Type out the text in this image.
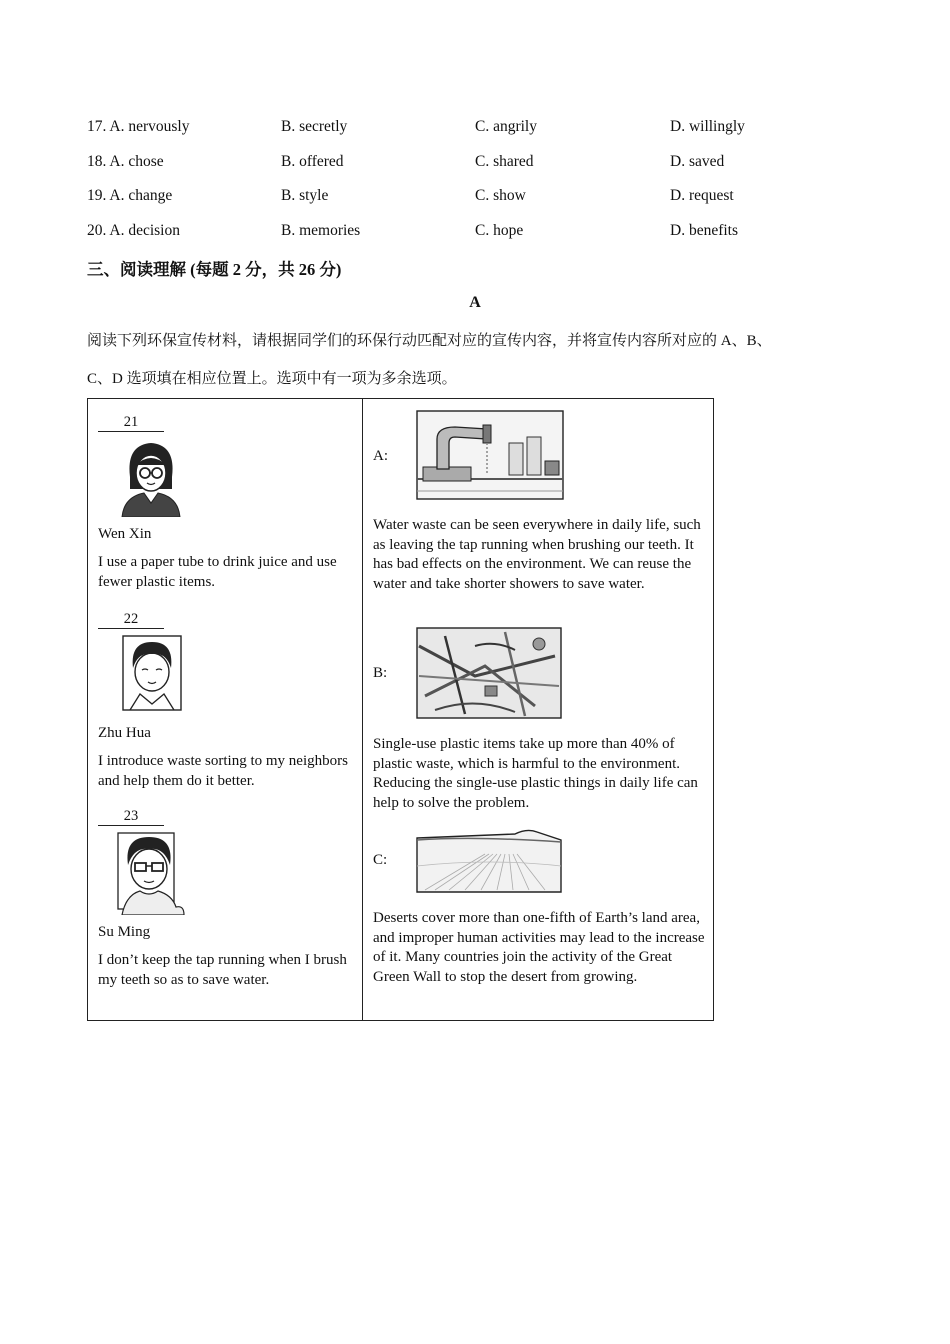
17. A. nervously	B. secretly	C. angrily	D. willingly
18. A. chose	B. offered	C. shared	D. saved
19. A. change	B. style	C. show	D. request
20. A. decision	B. memories	C. hope	D. benefits
三、阅读理解 (每题 2 分，共 26 分)
A
阅读下列环保宣传材料，请根据同学们的环保行动匹配对应的宣传内容，并将宣传内容所对应的 A、B、
C、D 选项填在相应位置上。选项中有一项为多余选项。
21
Wen Xin
I use a paper tube to drink juice and use fewer plastic items.
22
Zhu Hua
I introduce waste sorting to my neighbors and help them do it better.
23
Su Ming
I don’t keep the tap running when I brush my teeth so as to save water.

A:
Water waste can be seen everywhere in daily life, such as leaving the tap running when brushing our teeth. It has bad effects on the environment. We can reuse the water and take shorter showers to save water.
B:
Single-use plastic items take up more than 40% of plastic waste, which is harmful to the environment. Reducing the single-use plastic things in daily life can help to solve the problem.
C:
Deserts cover more than one-fifth of Earth’s land area, and improper human activities may lead to the increase of it. Many countries join the activity of the Great Green Wall to stop the desert from growing.
